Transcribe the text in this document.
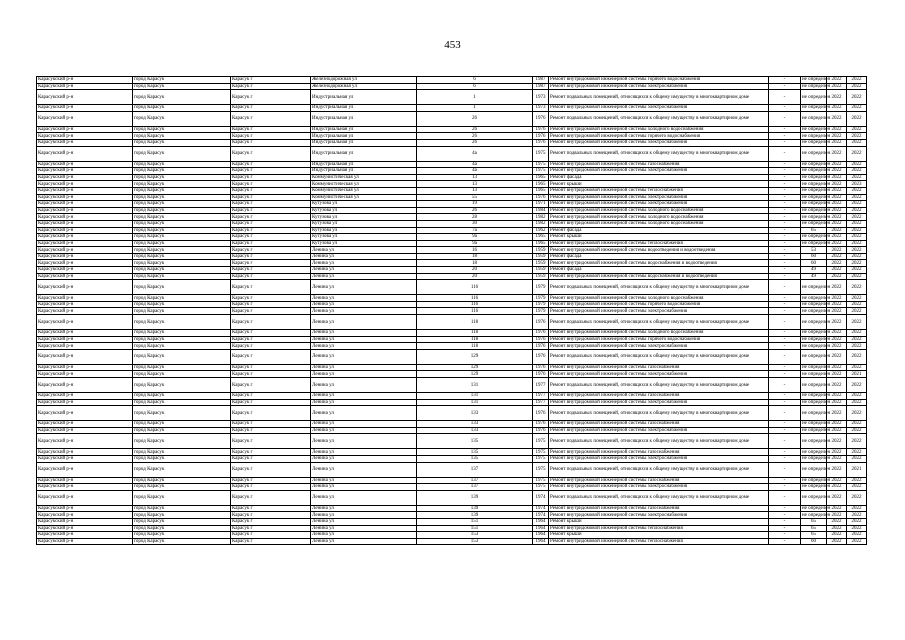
453
Карасукский р-н	город Карасук	Карасук г	Железнодорожная ул	6	1987	Ремонт внутридомовой инженерной системы горячего водоснабжения	-	не определен	2022	2022
Карасукский р-н	город Карасук	Карасук г	Железнодорожная ул	6	1987	Ремонт внутридомовой инженерной системы электроснабжения	-	не определен	2022	2022
Карасукский р-н	город Карасук	Карасук г	Индустриальная ул	1	1973	Ремонт подвальных помещений, относящихся к общему имуществу в многоквартирном доме	-	не определен	2022	2022
Карасукский р-н	город Карасук	Карасук г	Индустриальная ул	1	1973	Ремонт внутридомовой инженерной системы электроснабжения	-	не определен	2022	2022
Карасукский р-н	город Карасук	Карасук г	Индустриальная ул	26	1976	Ремонт подвальных помещений, относящихся к общему имуществу в многоквартирном доме	-	не определен	2022	2022
Карасукский р-н	город Карасук	Карасук г	Индустриальная ул	26	1976	Ремонт внутридомовой инженерной системы холодного водоснабжения	-	не определен	2022	2022
Карасукский р-н	город Карасук	Карасук г	Индустриальная ул	26	1976	Ремонт внутридомовой инженерной системы горячего водоснабжения	-	не определен	2022	2022
Карасукский р-н	город Карасук	Карасук г	Индустриальная ул	26	1976	Ремонт внутридомовой инженерной системы электроснабжения	-	не определен	2022	2022
Карасукский р-н	город Карасук	Карасук г	Индустриальная ул	4а	1975	Ремонт подвальных помещений, относящихся к общему имуществу в многоквартирном доме	-	не определен	2022	2022
Карасукский р-н	город Карасук	Карасук г	Индустриальная ул	4а	1975	Ремонт внутридомовой инженерной системы газоснабжения	-	не определен	2022	2022
Карасукский р-н	город Карасук	Карасук г	Индустриальная ул	4а	1975	Ремонт внутридомовой инженерной системы электроснабжения	-	не определен	2022	2022
Карасукский р-н	город Карасук	Карасук г	Коммунистическая ул	13	1965	Ремонт фасада	-	не определен	2022	2022
Карасукский р-н	город Карасук	Карасук г	Коммунистическая ул	13	1965	Ремонт крыши	-	не определен	2022	2023
Карасукский р-н	город Карасук	Карасук г	Коммунистическая ул	13	1965	Ремонт внутридомовой инженерной системы теплоснабжения	-	не определен	2022	2022
Карасукский р-н	город Карасук	Карасук г	Коммунистическая ул	55	1976	Ремонт внутридомовой инженерной системы электроснабжения	-	не определен	2022	2022
Карасукский р-н	город Карасук	Карасук г	Кутузова ул	19	1971	Ремонт внутридомовой инженерной системы электроснабжения	-	не определен	2022	2022
Карасукский р-н	город Карасук	Карасук г	Кутузова ул	26	1984	Ремонт внутридомовой инженерной системы холодного водоснабжения	-	не определен	2022	2022
Карасукский р-н	город Карасук	Карасук г	Кутузова ул	28	1982	Ремонт внутридомовой инженерной системы холодного водоснабжения	-	не определен	2022	2022
Карасукский р-н	город Карасук	Карасук г	Кутузова ул	30	1982	Ремонт внутридомовой инженерной системы холодного водоснабжения	-	не определен	2022	2022
Карасукский р-н	город Карасук	Карасук г	Кутузова ул	7а	1962	Ремонт фасада	-	65	2022	2022
Карасукский р-н	город Карасук	Карасук г	Кутузова ул	9а	1965	Ремонт крыши	-	не определен	2022	2022
Карасукский р-н	город Карасук	Карасук г	Кутузова ул	9а	1965	Ремонт внутридомовой инженерной системы теплоснабжения	-	не определен	2022	2022
Карасукский р-н	город Карасук	Карасук г	Ленина ул	16	1959	Ремонт внутридомовой инженерной системы водоотведения и водоотведения	-	53	2022	2022
Карасукский р-н	город Карасук	Карасук г	Ленина ул	18	1959	Ремонт фасада	-	60	2022	2022
Карасукский р-н	город Карасук	Карасук г	Ленина ул	18	1959	Ремонт внутридомовой инженерной системы водоснабжения и водоотведения	-	60	2022	2022
Карасукский р-н	город Карасук	Карасук г	Ленина ул	20	1959	Ремонт фасада	-	49	2022	2022
Карасукский р-н	город Карасук	Карасук г	Ленина ул	20	1959	Ремонт внутридомовой инженерной системы водоснабжения и водоотведения	-	49	2022	2022
Карасукский р-н	город Карасук	Карасук г	Ленина ул	116	1979	Ремонт подвальных помещений, относящихся к общему имуществу в многоквартирном доме	-	не определен	2022	2022
Карасукский р-н	город Карасук	Карасук г	Ленина ул	116	1979	Ремонт внутридомовой инженерной системы холодного водоснабжения	-	не определен	2022	2022
Карасукский р-н	город Карасук	Карасук г	Ленина ул	116	1979	Ремонт внутридомовой инженерной системы горячего водоснабжения	-	не определен	2022	2022
Карасукский р-н	город Карасук	Карасук г	Ленина ул	116	1979	Ремонт внутридомовой инженерной системы электроснабжения	-	не определен	2022	2022
Карасукский р-н	город Карасук	Карасук г	Ленина ул	118	1976	Ремонт подвальных помещений, относящихся к общему имуществу в многоквартирном доме	-	не определен	2022	2022
Карасукский р-н	город Карасук	Карасук г	Ленина ул	118	1976	Ремонт внутридомовой инженерной системы холодного водоснабжения	-	не определен	2022	2022
Карасукский р-н	город Карасук	Карасук г	Ленина ул	118	1976	Ремонт внутридомовой инженерной системы горячего водоснабжения	-	не определен	2022	2022
Карасукский р-н	город Карасук	Карасук г	Ленина ул	118	1976	Ремонт внутридомовой инженерной системы электроснабжения	-	не определен	2022	2022
Карасукский р-н	город Карасук	Карасук г	Ленина ул	129	1976	Ремонт подвальных помещений, относящихся к общему имуществу в многоквартирном доме	-	не определен	2022	2022
Карасукский р-н	город Карасук	Карасук г	Ленина ул	129	1976	Ремонт внутридомовой инженерной системы газоснабжения	-	не определен	2022	2022
Карасукский р-н	город Карасук	Карасук г	Ленина ул	129	1976	Ремонт внутридомовой инженерной системы электроснабжения	-	не определен	2022	2021
Карасукский р-н	город Карасук	Карасук г	Ленина ул	131	1977	Ремонт подвальных помещений, относящихся к общему имуществу в многоквартирном доме	-	не определен	2022	2022
Карасукский р-н	город Карасук	Карасук г	Ленина ул	131	1977	Ремонт внутридомовой инженерной системы газоснабжения	-	не определен	2022	2022
Карасукский р-н	город Карасук	Карасук г	Ленина ул	131	1977	Ремонт внутридомовой инженерной системы электроснабжения	-	не определен	2022	2022
Карасукский р-н	город Карасук	Карасук г	Ленина ул	133	1976	Ремонт подвальных помещений, относящихся к общему имуществу в многоквартирном доме	-	не определен	2022	2022
Карасукский р-н	город Карасук	Карасук г	Ленина ул	133	1976	Ремонт внутридомовой инженерной системы газоснабжения	-	не определен	2022	2022
Карасукский р-н	город Карасук	Карасук г	Ленина ул	133	1976	Ремонт внутридомовой инженерной системы электроснабжения	-	не определен	2022	2022
Карасукский р-н	город Карасук	Карасук г	Ленина ул	135	1975	Ремонт подвальных помещений, относящихся к общему имуществу в многоквартирном доме	-	не определен	2022	2022
Карасукский р-н	город Карасук	Карасук г	Ленина ул	135	1975	Ремонт внутридомовой инженерной системы газоснабжения	-	не определен	2022	2022
Карасукский р-н	город Карасук	Карасук г	Ленина ул	135	1975	Ремонт внутридомовой инженерной системы электроснабжения	-	не определен	2022	2022
Карасукский р-н	город Карасук	Карасук г	Ленина ул	137	1975	Ремонт подвальных помещений, относящихся к общему имуществу в многоквартирном доме	-	не определен	2022	2021
Карасукский р-н	город Карасук	Карасук г	Ленина ул	137	1975	Ремонт внутридомовой инженерной системы газоснабжения	-	не определен	2022	2022
Карасукский р-н	город Карасук	Карасук г	Ленина ул	137	1975	Ремонт внутридомовой инженерной системы электроснабжения	-	не определен	2022	2022
Карасукский р-н	город Карасук	Карасук г	Ленина ул	139	1974	Ремонт подвальных помещений, относящихся к общему имуществу в многоквартирном доме	-	не определен	2022	2022
Карасукский р-н	город Карасук	Карасук г	Ленина ул	139	1974	Ремонт внутридомовой инженерной системы газоснабжения	-	не определен	2022	2022
Карасукский р-н	город Карасук	Карасук г	Ленина ул	139	1974	Ремонт внутридомовой инженерной системы электроснабжения	-	не определен	2022	2022
Карасукский р-н	город Карасук	Карасук г	Ленина ул	151	1964	Ремонт крыши	-	65	2022	2022
Карасукский р-н	город Карасук	Карасук г	Ленина ул	151	1964	Ремонт внутридомовой инженерной системы теплоснабжения	-	65	2022	2022
Карасукский р-н	город Карасук	Карасук г	Ленина ул	153	1964	Ремонт крыши	-	65	2022	2022
Карасукский р-н	город Карасук	Карасук г	Ленина ул	153	1964	Ремонт внутридомовой инженерной системы теплоснабжения	-	60	2022	2022
